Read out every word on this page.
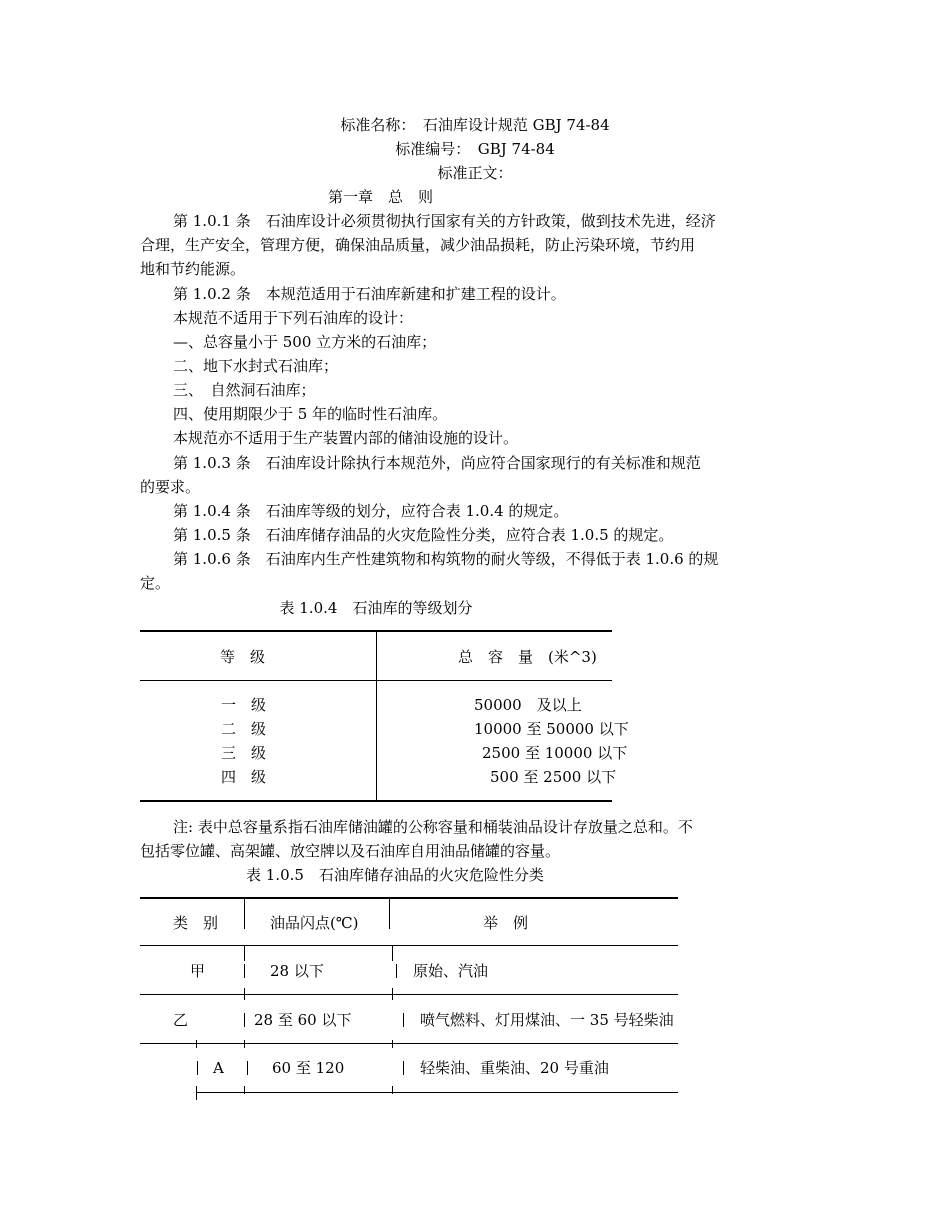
标准名称：　石油库设计规范 GBJ 74-84
标准编号：　GBJ 74-84
标准正文：
第一章　总　则
第 1.0.1 条　石油库设计必须贯彻执行国家有关的方针政策，做到技术先进，经济
合理，生产安全，管理方便，确保油品质量，减少油品损耗，防止污染环境，节约用
地和节约能源。
第 1.0.2 条　本规范适用于石油库新建和扩建工程的设计。
本规范不适用于下列石油库的设计：
—、总容量小于 500 立方米的石油库；
二、地下水封式石油库；
三、　自然洞石油库；
四、使用期限少于 5 年的临时性石油库。
本规范亦不适用于生产装置内部的储油设施的设计。
第 1.0.3 条　石油库设计除执行本规范外，尚应符合国家现行的有关标准和规范
的要求。
第 1.0.4 条　石油库等级的划分，应符合表 1.0.4 的规定。
第 1.0.5 条　石油库储存油品的火灾危险性分类，应符合表 1.0.5 的规定。
第 1.0.6 条　石油库内生产性建筑物和构筑物的耐火等级，不得低于表 1.0.6 的规
定。
表 1.0.4　石油库的等级划分
等　级	总　容　量　(米^3)
一　级	50000　及以上
二　级	10000 至 50000 以下
三　级	2500 至 10000 以下
四　级	500 至 2500 以下
注: 表中总容量系指石油库储油罐的公称容量和桶装油品设计存放量之总和。不
包括零位罐、高架罐、放空牌以及石油库自用油品储罐的容量。
表 1.0.5　石油库储存油品的火灾危险性分类
类　别	油品闪点(℃)	举　例
甲	28 以下	原始、汽油
乙	28 至 60 以下	喷气燃料、灯用煤油、一 35 号轻柴油
A	60 至 120	轻柴油、重柴油、20 号重油
